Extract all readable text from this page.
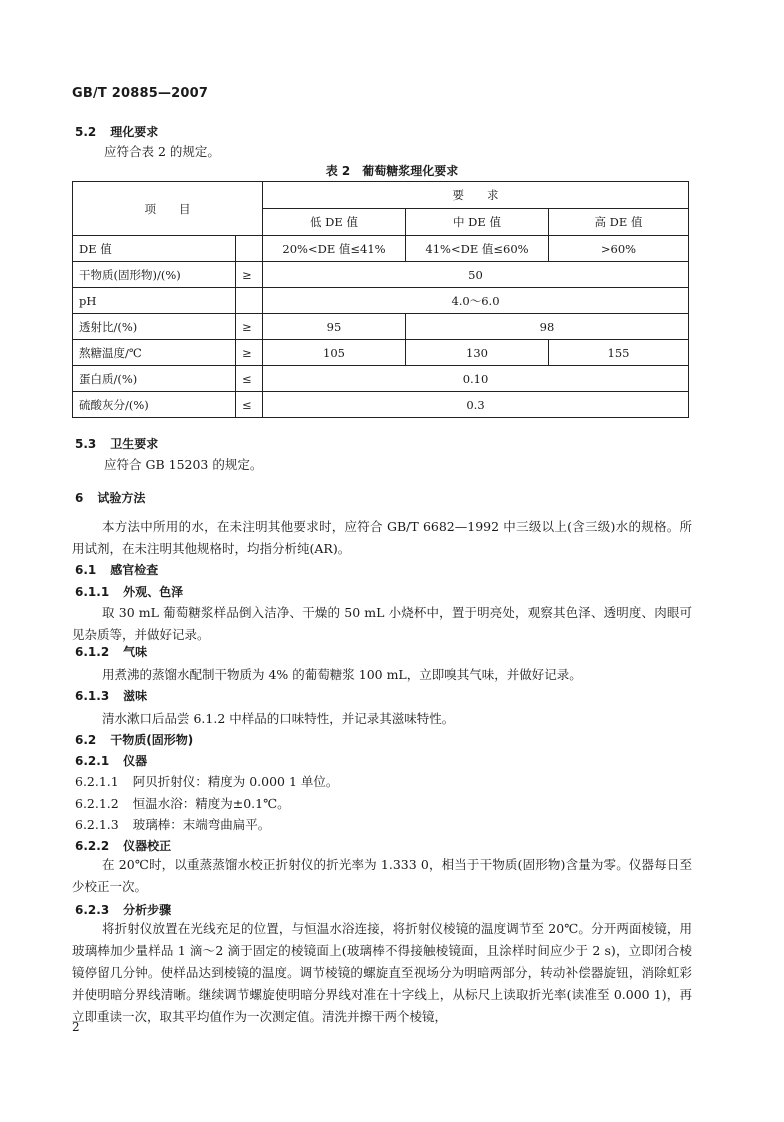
GB/T 20885—2007
5.2 理化要求
应符合表 2 的规定。
表 2 葡萄糖浆理化要求
项　　目		要　　求		
		低 DE 值	中 DE 值	高 DE 值
DE 值		20%<DE 值≤41%	41%<DE 值≤60%	>60%
干物质(固形物)/(%)	≥	50		
pH		4.0～6.0		
透射比/(%)	≥	95	98	
熬糖温度/℃	≥	105	130	155
蛋白质/(%)	≤	0.10		
硫酸灰分/(%)	≤	0.3		
5.3 卫生要求
应符合 GB 15203 的规定。
6 试验方法
本方法中所用的水，在未注明其他要求时，应符合 GB/T 6682—1992 中三级以上(含三级)水的规格。所用试剂，在未注明其他规格时，均指分析纯(AR)。
6.1 感官检查
6.1.1 外观、色泽
取 30 mL 葡萄糖浆样品倒入洁净、干燥的 50 mL 小烧杯中，置于明亮处，观察其色泽、透明度、肉眼可见杂质等，并做好记录。
6.1.2 气味
用煮沸的蒸馏水配制干物质为 4% 的葡萄糖浆 100 mL，立即嗅其气味，并做好记录。
6.1.3 滋味
清水漱口后品尝 6.1.2 中样品的口味特性，并记录其滋味特性。
6.2 干物质(固形物)
6.2.1 仪器
6.2.1.1 阿贝折射仪：精度为 0.000 1 单位。
6.2.1.2 恒温水浴：精度为±0.1℃。
6.2.1.3 玻璃棒：末端弯曲扁平。
6.2.2 仪器校正
在 20℃时，以重蒸蒸馏水校正折射仪的折光率为 1.333 0，相当于干物质(固形物)含量为零。仪器每日至少校正一次。
6.2.3 分析步骤
将折射仪放置在光线充足的位置，与恒温水浴连接，将折射仪棱镜的温度调节至 20℃。分开两面棱镜，用玻璃棒加少量样品 1 滴～2 滴于固定的棱镜面上(玻璃棒不得接触棱镜面，且涂样时间应少于 2 s)，立即闭合棱镜停留几分钟。使样品达到棱镜的温度。调节棱镜的螺旋直至视场分为明暗两部分，转动补偿器旋钮，消除虹彩并使明暗分界线清晰。继续调节螺旋使明暗分界线对准在十字线上，从标尺上读取折光率(读准至 0.000 1)，再立即重读一次，取其平均值作为一次测定值。清洗并擦干两个棱镜，
2
